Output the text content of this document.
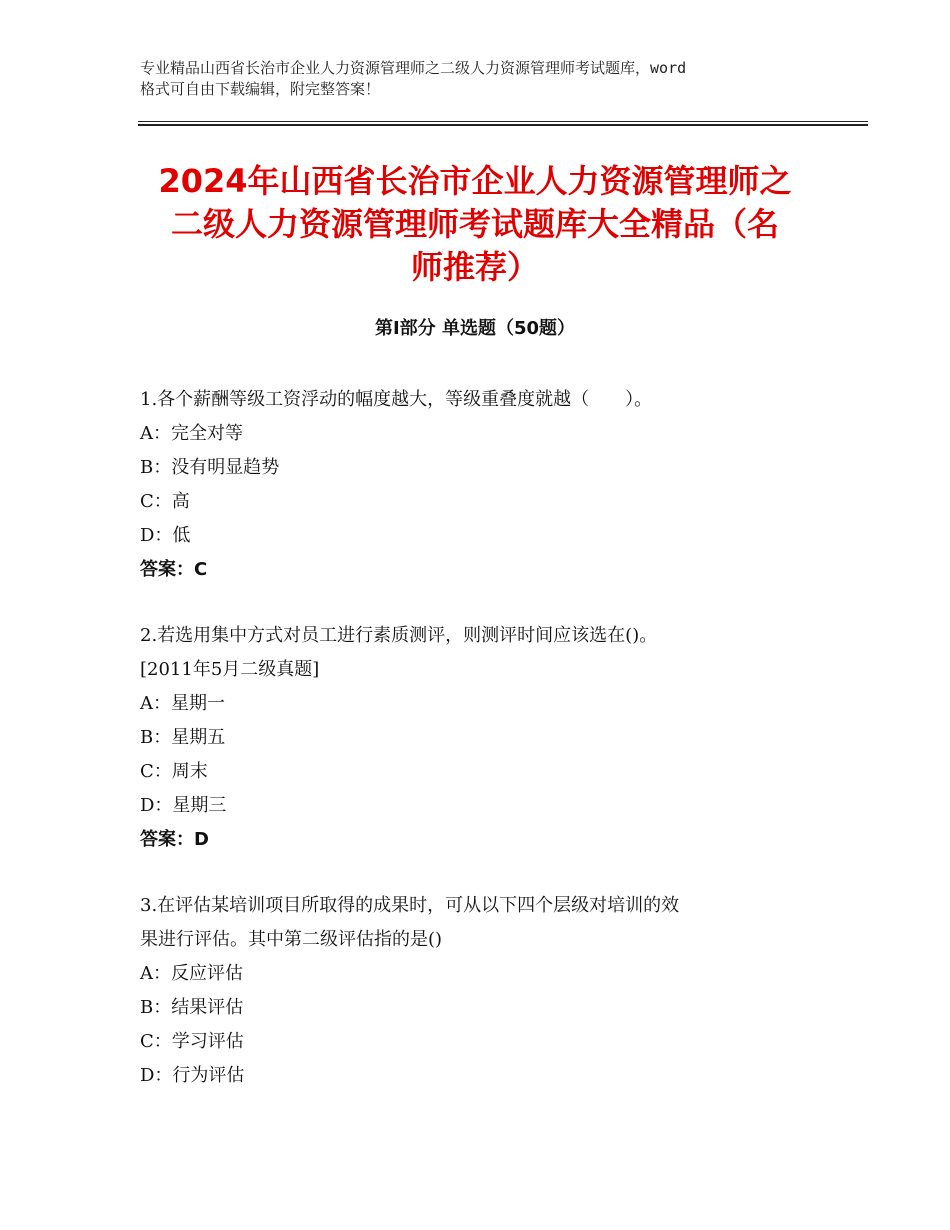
专业精品山西省长治市企业人力资源管理师之二级人力资源管理师考试题库，word
格式可自由下载编辑，附完整答案！
2024年山西省长治市企业人力资源管理师之
二级人力资源管理师考试题库大全精品（名
师推荐）
第Ⅰ部分 单选题（50题）
1.各个薪酬等级工资浮动的幅度越大，等级重叠度就越（　　）。
A：完全对等
B：没有明显趋势
C：高
D：低
答案：C
2.若选用集中方式对员工进行素质测评，则测评时间应该选在()。
[2011年5月二级真题]
A：星期一
B：星期五
C：周末
D：星期三
答案：D
3.在评估某培训项目所取得的成果时，可从以下四个层级对培训的效
果进行评估。其中第二级评估指的是()
A：反应评估
B：结果评估
C：学习评估
D：行为评估
